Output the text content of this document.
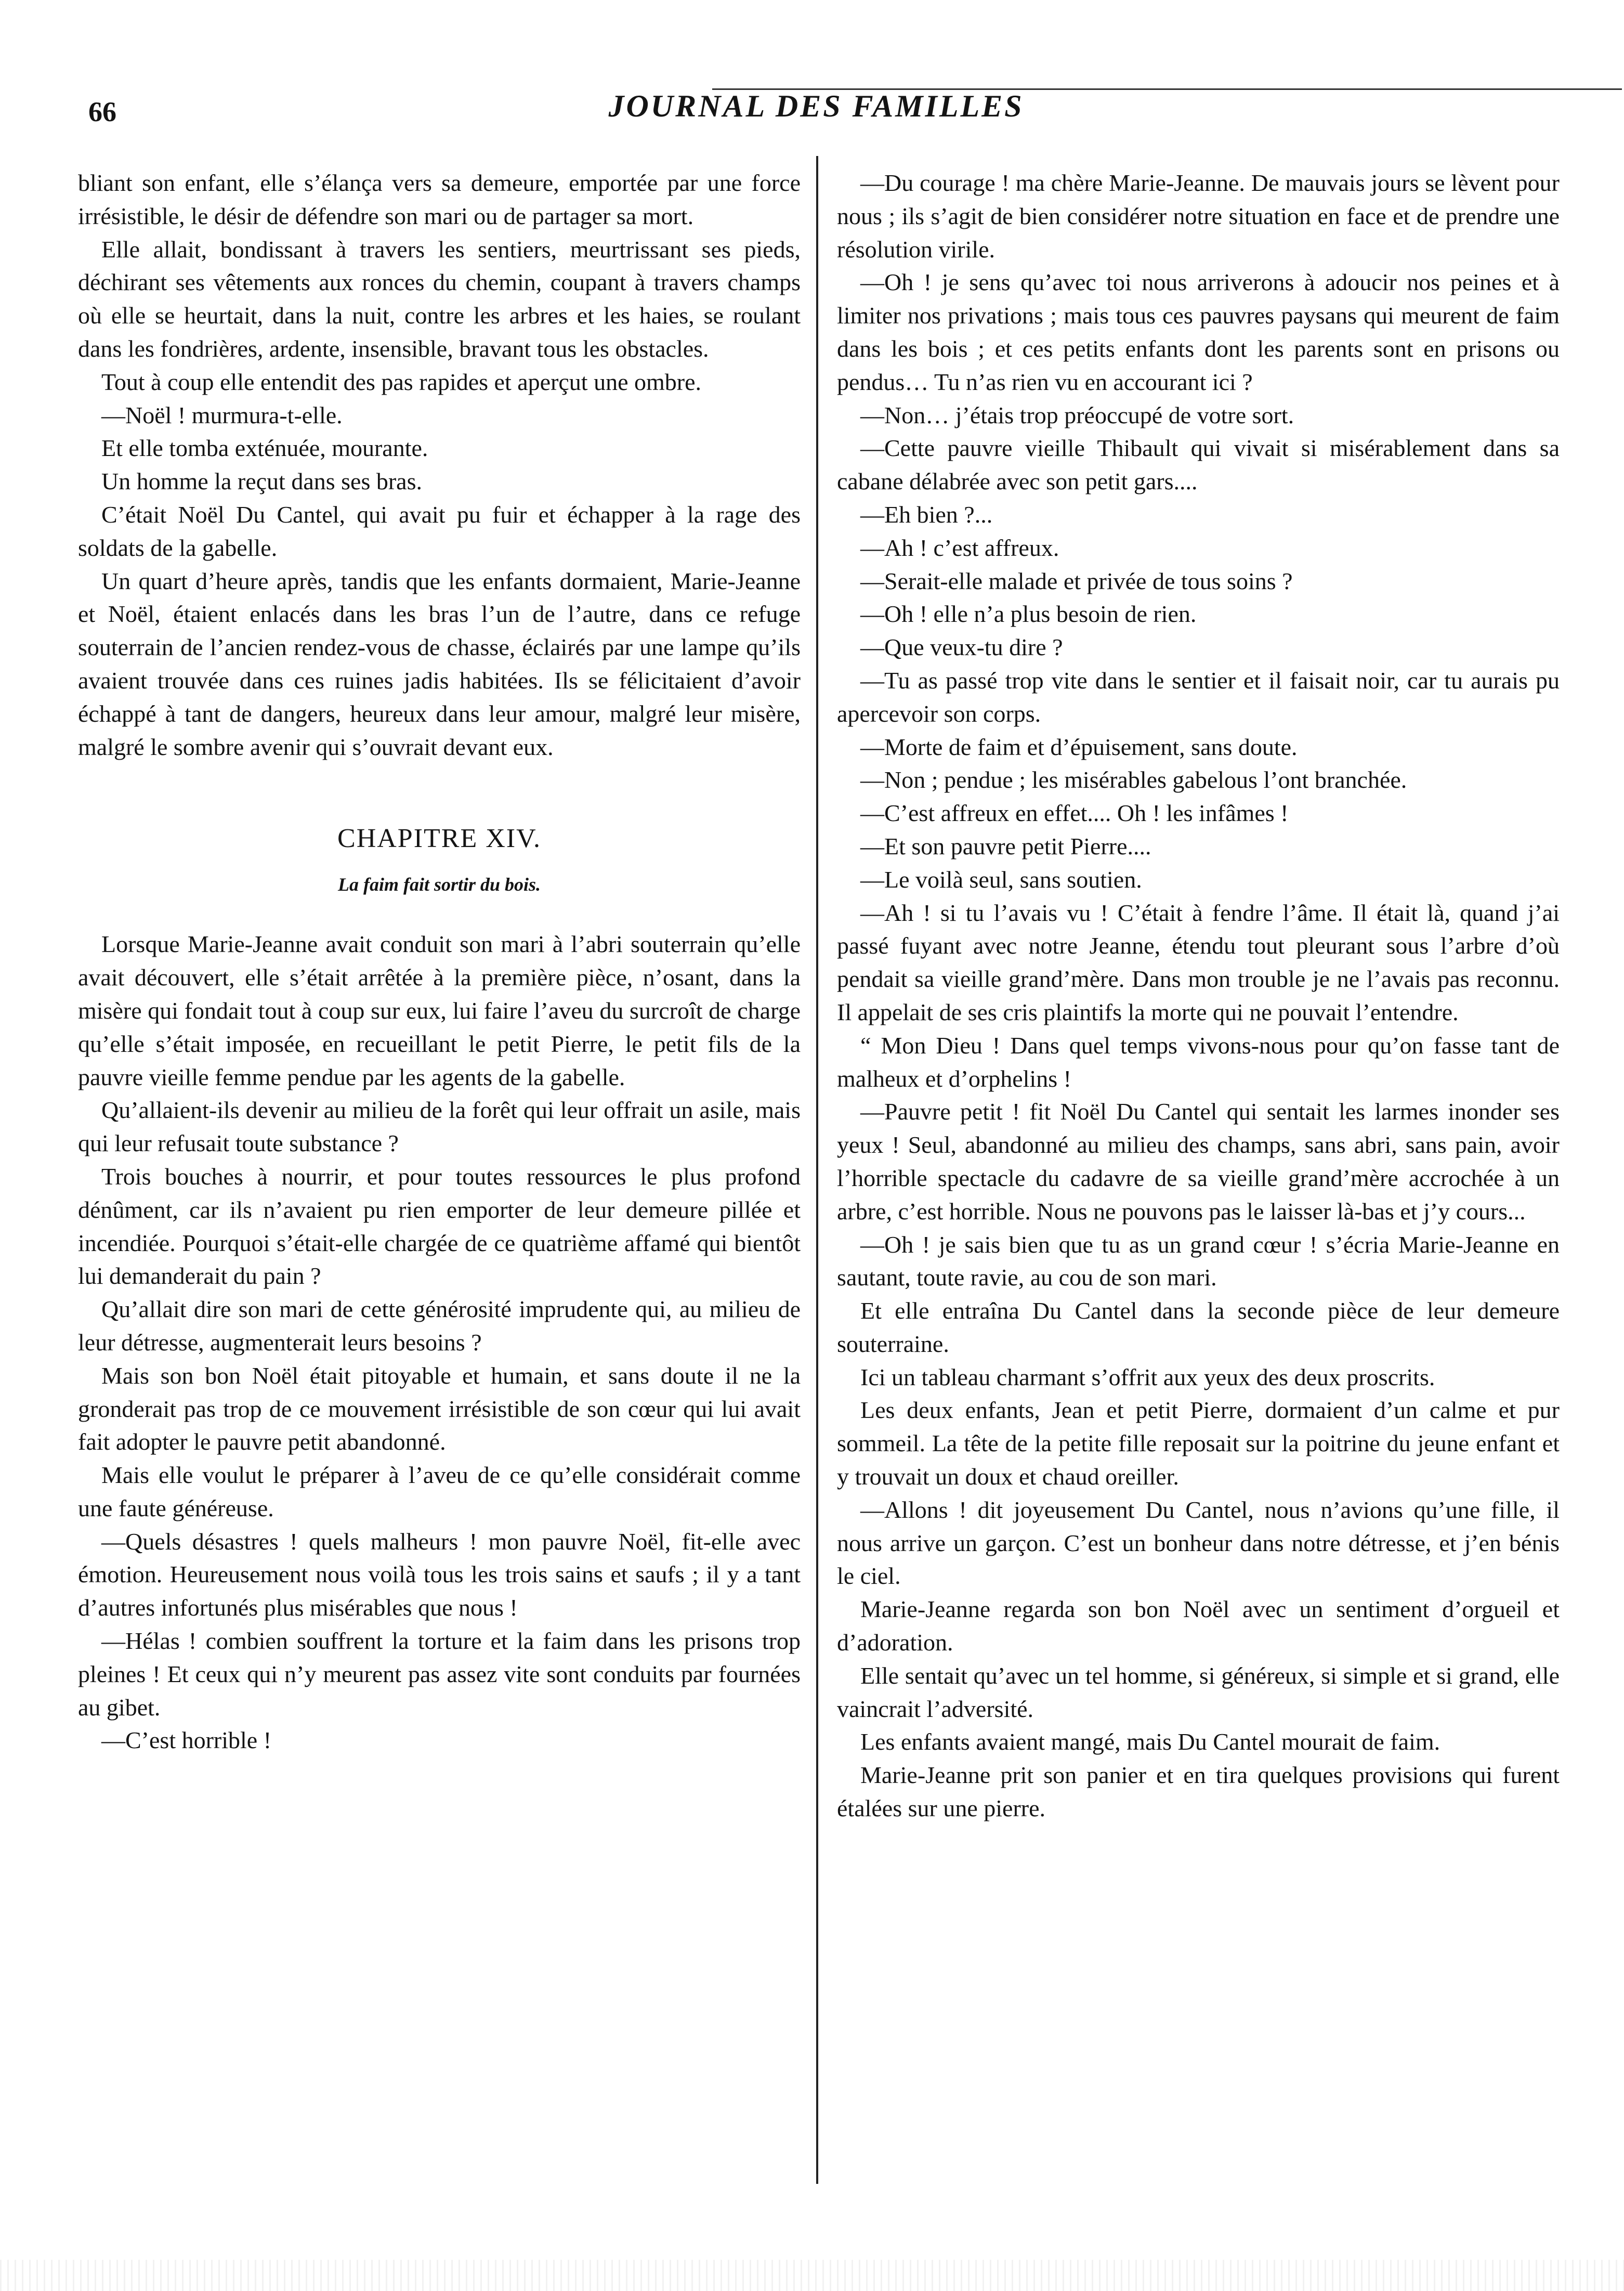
66	JOURNAL DES FAMILLES

bliant son enfant, elle s’élança vers sa demeure, emportée par une force irrésistible, le désir de défendre son mari ou de partager sa mort.

Elle allait, bondissant à travers les sentiers, meurtrissant ses pieds, déchirant ses vêtements aux ronces du chemin, coupant à travers champs où elle se heurtait, dans la nuit, contre les arbres et les haies, se roulant dans les fondrières, ardente, insensible, bravant tous les obstacles.

Tout à coup elle entendit des pas rapides et aperçut une ombre.

—Noël ! murmura-t-elle.

Et elle tomba exténuée, mourante.

Un homme la reçut dans ses bras.

C’était Noël Du Cantel, qui avait pu fuir et échapper à la rage des soldats de la gabelle.

Un quart d’heure après, tandis que les enfants dormaient, Marie-Jeanne et Noël, étaient enlacés dans les bras l’un de l’autre, dans ce refuge souterrain de l’ancien rendez-vous de chasse, éclairés par une lampe qu’ils avaient trouvée dans ces ruines jadis habitées. Ils se félicitaient d’avoir échappé à tant de dangers, heureux dans leur amour, malgré leur misère, malgré le sombre avenir qui s’ouvrait devant eux.

CHAPITRE XIV.
La faim fait sortir du bois.

Lorsque Marie-Jeanne avait conduit son mari à l’abri souterrain qu’elle avait découvert, elle s’était arrêtée à la première pièce, n’osant, dans la misère qui fondait tout à coup sur eux, lui faire l’aveu du surcroît de charge qu’elle s’était imposée, en recueillant le petit Pierre, le petit fils de la pauvre vieille femme pendue par les agents de la gabelle.

Qu’allaient-ils devenir au milieu de la forêt qui leur offrait un asile, mais qui leur refusait toute substance ?

Trois bouches à nourrir, et pour toutes ressources le plus profond dénûment, car ils n’avaient pu rien emporter de leur demeure pillée et incendiée. Pourquoi s’était-elle chargée de ce quatrième affamé qui bientôt lui demanderait du pain ?

Qu’allait dire son mari de cette générosité imprudente qui, au milieu de leur détresse, augmenterait leurs besoins ?

Mais son bon Noël était pitoyable et humain, et sans doute il ne la gronderait pas trop de ce mouvement irrésistible de son cœur qui lui avait fait adopter le pauvre petit abandonné.

Mais elle voulut le préparer à l’aveu de ce qu’elle considérait comme une faute généreuse.

—Quels désastres ! quels malheurs ! mon pauvre Noël, fit-elle avec émotion. Heureusement nous voilà tous les trois sains et saufs ; il y a tant d’autres infortunés plus misérables que nous !

—Hélas ! combien souffrent la torture et la faim dans les prisons trop pleines ! Et ceux qui n’y meurent pas assez vite sont conduits par fournées au gibet.

—C’est horrible !

—Du courage ! ma chère Marie-Jeanne. De mauvais jours se lèvent pour nous ; ils s’agit de bien considérer notre situation en face et de prendre une résolution virile.

—Oh ! je sens qu’avec toi nous arriverons à adoucir nos peines et à limiter nos privations ; mais tous ces pauvres paysans qui meurent de faim dans les bois ; et ces petits enfants dont les parents sont en prisons ou pendus… Tu n’as rien vu en accourant ici ?

—Non… j’étais trop préoccupé de votre sort.

—Cette pauvre vieille Thibault qui vivait si misérablement dans sa cabane délabrée avec son petit gars....

—Eh bien ?...

—Ah ! c’est affreux.

—Serait-elle malade et privée de tous soins ?

—Oh ! elle n’a plus besoin de rien.

—Que veux-tu dire ?

—Tu as passé trop vite dans le sentier et il faisait noir, car tu aurais pu apercevoir son corps.

—Morte de faim et d’épuisement, sans doute.

—Non ; pendue ; les misérables gabelous l’ont branchée.

—C’est affreux en effet.... Oh ! les infâmes !

—Et son pauvre petit Pierre....

—Le voilà seul, sans soutien.

—Ah ! si tu l’avais vu ! C’était à fendre l’âme. Il était là, quand j’ai passé fuyant avec notre Jeanne, étendu tout pleurant sous l’arbre d’où pendait sa vieille grand’mère. Dans mon trouble je ne l’avais pas reconnu. Il appelait de ses cris plaintifs la morte qui ne pouvait l’entendre.

“ Mon Dieu ! Dans quel temps vivons-nous pour qu’on fasse tant de malheux et d’orphelins !

—Pauvre petit ! fit Noël Du Cantel qui sentait les larmes inonder ses yeux ! Seul, abandonné au milieu des champs, sans abri, sans pain, avoir l’horrible spectacle du cadavre de sa vieille grand’mère accrochée à un arbre, c’est horrible. Nous ne pouvons pas le laisser là-bas et j’y cours...

—Oh ! je sais bien que tu as un grand cœur ! s’écria Marie-Jeanne en sautant, toute ravie, au cou de son mari.

Et elle entraîna Du Cantel dans la seconde pièce de leur demeure souterraine.

Ici un tableau charmant s’offrit aux yeux des deux proscrits.

Les deux enfants, Jean et petit Pierre, dormaient d’un calme et pur sommeil. La tête de la petite fille reposait sur la poitrine du jeune enfant et y trouvait un doux et chaud oreiller.

—Allons ! dit joyeusement Du Cantel, nous n’avions qu’une fille, il nous arrive un garçon. C’est un bonheur dans notre détresse, et j’en bénis le ciel.

Marie-Jeanne regarda son bon Noël avec un sentiment d’orgueil et d’adoration.

Elle sentait qu’avec un tel homme, si généreux, si simple et si grand, elle vaincrait l’adversité.

Les enfants avaient mangé, mais Du Cantel mourait de faim.

Marie-Jeanne prit son panier et en tira quelques provisions qui furent étalées sur une pierre.
